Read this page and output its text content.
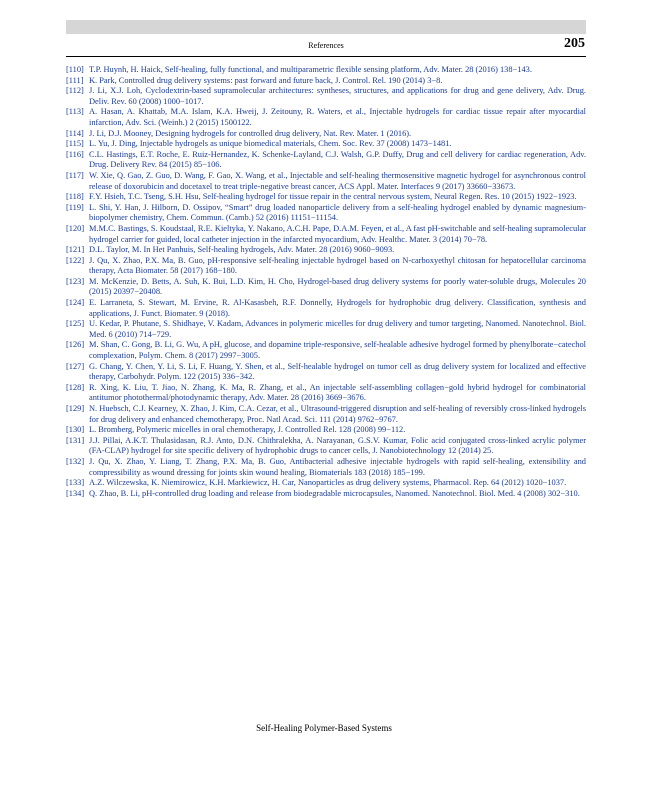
References	205
[110] T.P. Huynh, H. Haick, Self-healing, fully functional, and multiparametric flexible sensing platform, Adv. Mater. 28 (2016) 138−143.
[111] K. Park, Controlled drug delivery systems: past forward and future back, J. Control. Rel. 190 (2014) 3−8.
[112] J. Li, X.J. Loh, Cyclodextrin-based supramolecular architectures: syntheses, structures, and applications for drug and gene delivery, Adv. Drug. Deliv. Rev. 60 (2008) 1000−1017.
[113] A. Hasan, A. Khattab, M.A. Islam, K.A. Hweij, J. Zeitouny, R. Waters, et al., Injectable hydrogels for cardiac tissue repair after myocardial infarction, Adv. Sci. (Weinh.) 2 (2015) 1500122.
[114] J. Li, D.J. Mooney, Designing hydrogels for controlled drug delivery, Nat. Rev. Mater. 1 (2016).
[115] L. Yu, J. Ding, Injectable hydrogels as unique biomedical materials, Chem. Soc. Rev. 37 (2008) 1473−1481.
[116] C.L. Hastings, E.T. Roche, E. Ruiz-Hernandez, K. Schenke-Layland, C.J. Walsh, G.P. Duffy, Drug and cell delivery for cardiac regeneration, Adv. Drug. Delivery Rev. 84 (2015) 85−106.
[117] W. Xie, Q. Gao, Z. Guo, D. Wang, F. Gao, X. Wang, et al., Injectable and self-healing thermosensitive magnetic hydrogel for asynchronous control release of doxorubicin and docetaxel to treat triple-negative breast cancer, ACS Appl. Mater. Interfaces 9 (2017) 33660−33673.
[118] F.Y. Hsieh, T.C. Tseng, S.H. Hsu, Self-healing hydrogel for tissue repair in the central nervous system, Neural Regen. Res. 10 (2015) 1922−1923.
[119] L. Shi, Y. Han, J. Hilborn, D. Ossipov, “Smart” drug loaded nanoparticle delivery from a self-healing hydrogel enabled by dynamic magnesium-biopolymer chemistry, Chem. Commun. (Camb.) 52 (2016) 11151−11154.
[120] M.M.C. Bastings, S. Koudstaal, R.E. Kieltyka, Y. Nakano, A.C.H. Pape, D.A.M. Feyen, et al., A fast pH-switchable and self-healing supramolecular hydrogel carrier for guided, local catheter injection in the infarcted myocardium, Adv. Healthc. Mater. 3 (2014) 70−78.
[121] D.L. Taylor, M. In Het Panhuis, Self-healing hydrogels, Adv. Mater. 28 (2016) 9060−9093.
[122] J. Qu, X. Zhao, P.X. Ma, B. Guo, pH-responsive self-healing injectable hydrogel based on N-carboxyethyl chitosan for hepatocellular carcinoma therapy, Acta Biomater. 58 (2017) 168−180.
[123] M. McKenzie, D. Betts, A. Suh, K. Bui, L.D. Kim, H. Cho, Hydrogel-based drug delivery systems for poorly water-soluble drugs, Molecules 20 (2015) 20397−20408.
[124] E. Larraneta, S. Stewart, M. Ervine, R. Al-Kasasbeh, R.F. Donnelly, Hydrogels for hydrophobic drug delivery. Classification, synthesis and applications, J. Funct. Biomater. 9 (2018).
[125] U. Kedar, P. Phutane, S. Shidhaye, V. Kadam, Advances in polymeric micelles for drug delivery and tumor targeting, Nanomed. Nanotechnol. Biol. Med. 6 (2010) 714−729.
[126] M. Shan, C. Gong, B. Li, G. Wu, A pH, glucose, and dopamine triple-responsive, self-healable adhesive hydrogel formed by phenylborate−catechol complexation, Polym. Chem. 8 (2017) 2997−3005.
[127] G. Chang, Y. Chen, Y. Li, S. Li, F. Huang, Y. Shen, et al., Self-healable hydrogel on tumor cell as drug delivery system for localized and effective therapy, Carbohydr. Polym. 122 (2015) 336−342.
[128] R. Xing, K. Liu, T. Jiao, N. Zhang, K. Ma, R. Zhang, et al., An injectable self-assembling collagen−gold hybrid hydrogel for combinatorial antitumor photothermal/photodynamic therapy, Adv. Mater. 28 (2016) 3669−3676.
[129] N. Huebsch, C.J. Kearney, X. Zhao, J. Kim, C.A. Cezar, et al., Ultrasound-triggered disruption and self-healing of reversibly cross-linked hydrogels for drug delivery and enhanced chemotherapy, Proc. Natl Acad. Sci. 111 (2014) 9762−9767.
[130] L. Bromberg, Polymeric micelles in oral chemotherapy, J. Controlled Rel. 128 (2008) 99−112.
[131] J.J. Pillai, A.K.T. Thulasidasan, R.J. Anto, D.N. Chithralekha, A. Narayanan, G.S.V. Kumar, Folic acid conjugated cross-linked acrylic polymer (FA-CLAP) hydrogel for site specific delivery of hydrophobic drugs to cancer cells, J. Nanobiotechnology 12 (2014) 25.
[132] J. Qu, X. Zhao, Y. Liang, T. Zhang, P.X. Ma, B. Guo, Antibacterial adhesive injectable hydrogels with rapid self-healing, extensibility and compressibility as wound dressing for joints skin wound healing, Biomaterials 183 (2018) 185−199.
[133] A.Z. Wilczewska, K. Niemirowicz, K.H. Markiewicz, H. Car, Nanoparticles as drug delivery systems, Pharmacol. Rep. 64 (2012) 1020−1037.
[134] Q. Zhao, B. Li, pH-controlled drug loading and release from biodegradable microcapsules, Nanomed. Nanotechnol. Biol. Med. 4 (2008) 302−310.
Self-Healing Polymer-Based Systems
